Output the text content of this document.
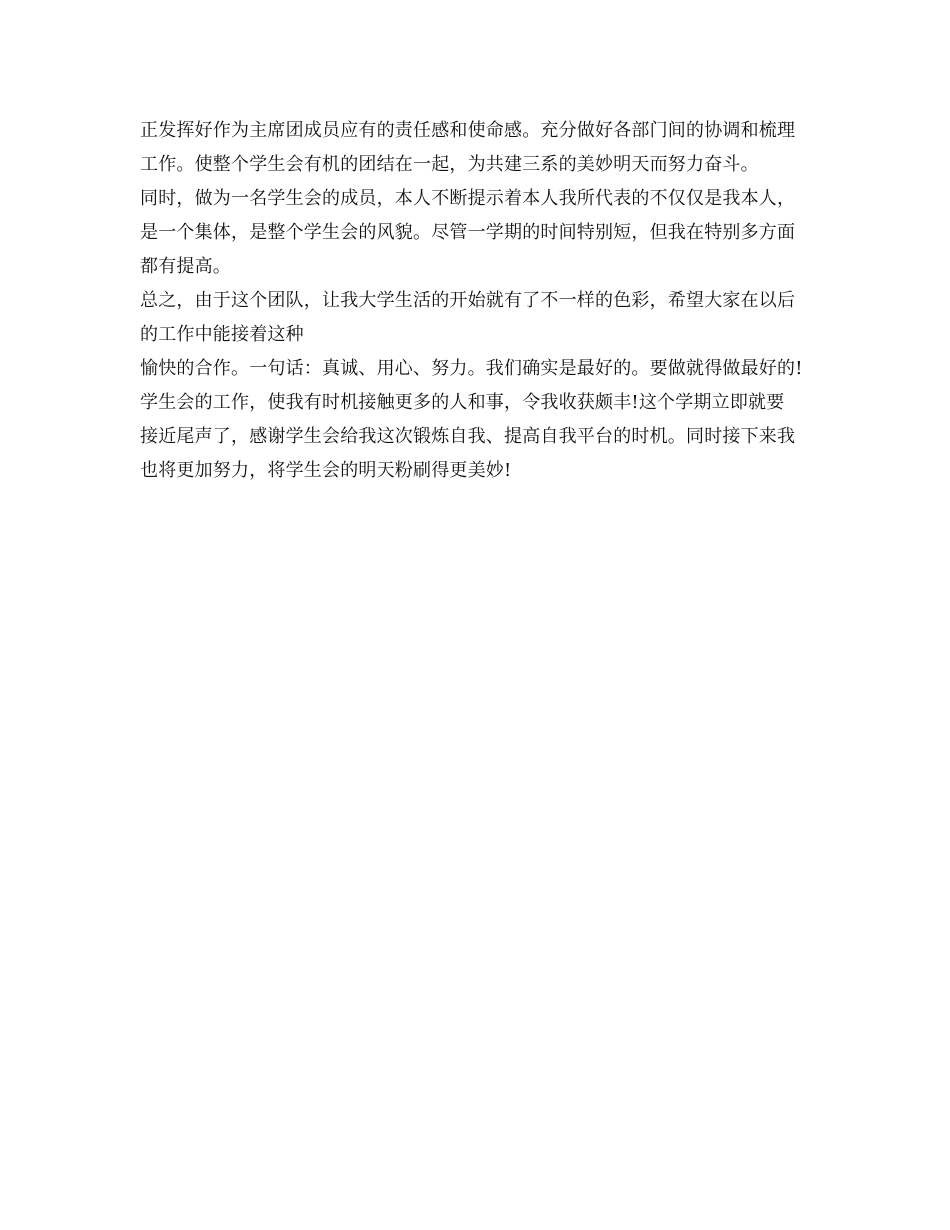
正发挥好作为主席团成员应有的责任感和使命感。充分做好各部门间的协调和梳理
工作。使整个学生会有机的团结在一起，为共建三系的美妙明天而努力奋斗。
同时，做为一名学生会的成员，本人不断提示着本人我所代表的不仅仅是我本人，
是一个集体，是整个学生会的风貌。尽管一学期的时间特别短，但我在特别多方面
都有提高。
总之，由于这个团队，让我大学生活的开始就有了不一样的色彩，希望大家在以后
的工作中能接着这种
愉快的合作。一句话：真诚、用心、努力。我们确实是最好的。要做就得做最好的!
学生会的工作，使我有时机接触更多的人和事，令我收获颇丰!这个学期立即就要
接近尾声了，感谢学生会给我这次锻炼自我、提高自我平台的时机。同时接下来我
也将更加努力，将学生会的明天粉刷得更美妙!
